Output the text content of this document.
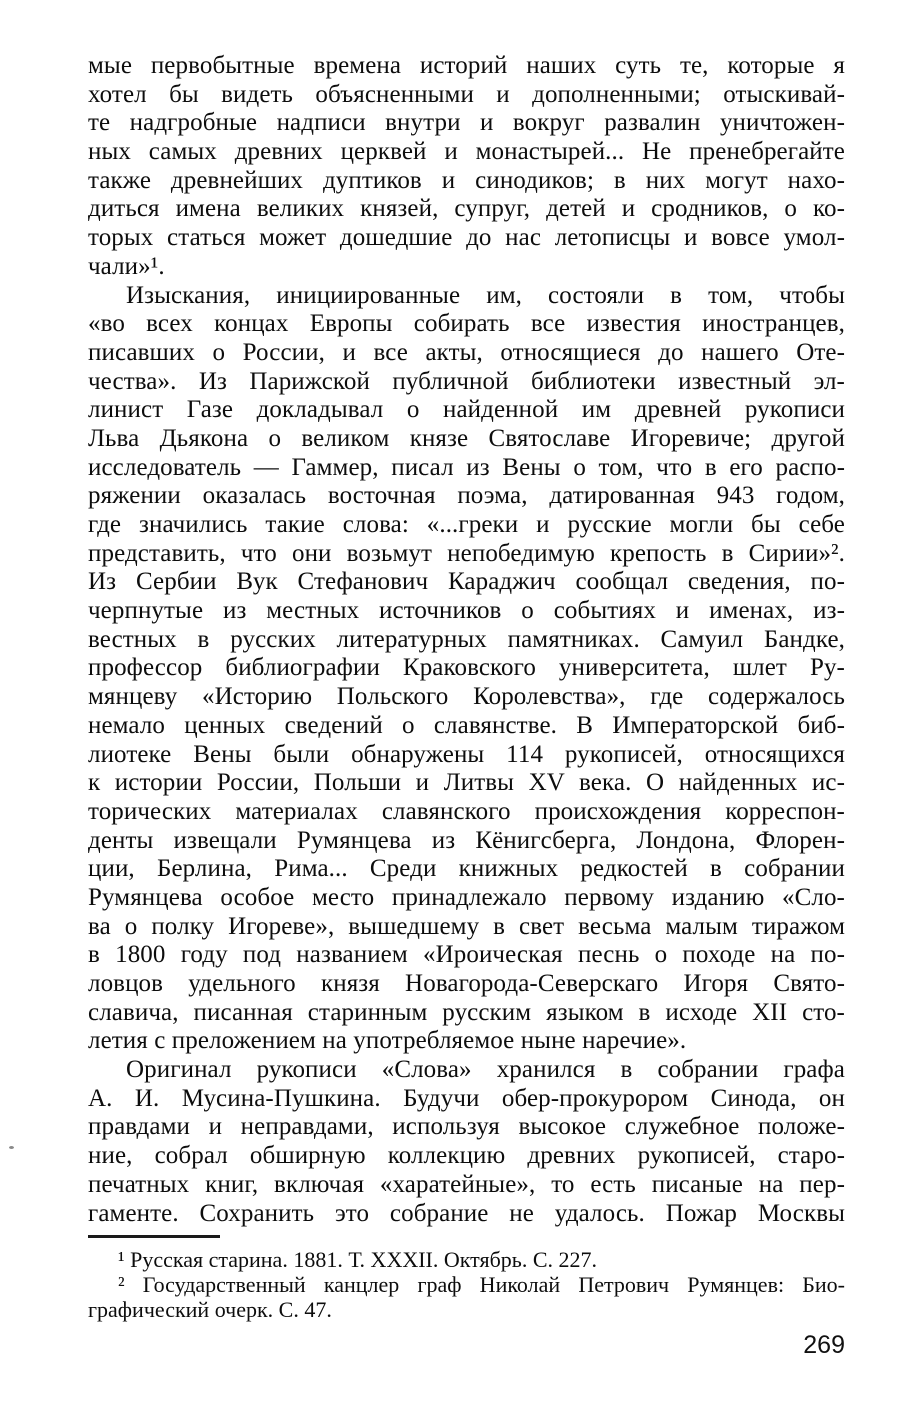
мые первобытные времена историй наших суть те, которые я
хотел бы видеть объясненными и дополненными; отыскивай-
те надгробные надписи внутри и вокруг развалин уничтожен-
ных самых древних церквей и монастырей... Не пренебрегайте
также древнейших дуптиков и синодиков; в них могут нахо-
диться имена великих князей, супруг, детей и сродников, о ко-
торых статься может дошедшие до нас летописцы и вовсе умол-
чали»¹.
Изыскания, инициированные им, состояли в том, чтобы
«во всех концах Европы собирать все известия иностранцев,
писавших о России, и все акты, относящиеся до нашего Оте-
чества». Из Парижской публичной библиотеки известный эл-
линист Газе докладывал о найденной им древней рукописи
Льва Дьякона о великом князе Святославе Игоревиче; другой
исследователь — Гаммер, писал из Вены о том, что в его распо-
ряжении оказалась восточная поэма, датированная 943 годом,
где значились такие слова: «...греки и русские могли бы себе
представить, что они возьмут непобедимую крепость в Сирии»².
Из Сербии Вук Стефанович Караджич сообщал сведения, по-
черпнутые из местных источников о событиях и именах, из-
вестных в русских литературных памятниках. Самуил Бандке,
профессор библиографии Краковского университета, шлет Ру-
мянцеву «Историю Польского Королевства», где содержалось
немало ценных сведений о славянстве. В Императорской биб-
лиотеке Вены были обнаружены 114 рукописей, относящихся
к истории России, Польши и Литвы XV века. О найденных ис-
торических материалах славянского происхождения корреспон-
денты извещали Румянцева из Кёнигсберга, Лондона, Флорен-
ции, Берлина, Рима... Среди книжных редкостей в собрании
Румянцева особое место принадлежало первому изданию «Сло-
ва о полку Игореве», вышедшему в свет весьма малым тиражом
в 1800 году под названием «Ироическая песнь о походе на по-
ловцов удельного князя Новагорода-Северскаго Игоря Свято-
славича, писанная старинным русским языком в исходе XII сто-
летия с преложением на употребляемое ныне наречие».
Оригинал рукописи «Слова» хранился в собрании графа
А. И. Мусина-Пушкина. Будучи обер-прокурором Синода, он
правдами и неправдами, используя высокое служебное положе-
ние, собрал обширную коллекцию древних рукописей, старо-
печатных книг, включая «харатейные», то есть писаные на пер-
гаменте. Сохранить это собрание не удалось. Пожар Москвы
¹ Русская старина. 1881. Т. XXXII. Октябрь. С. 227.
² Государственный канцлер граф Николай Петрович Румянцев: Био-
графический очерк. С. 47.
269
